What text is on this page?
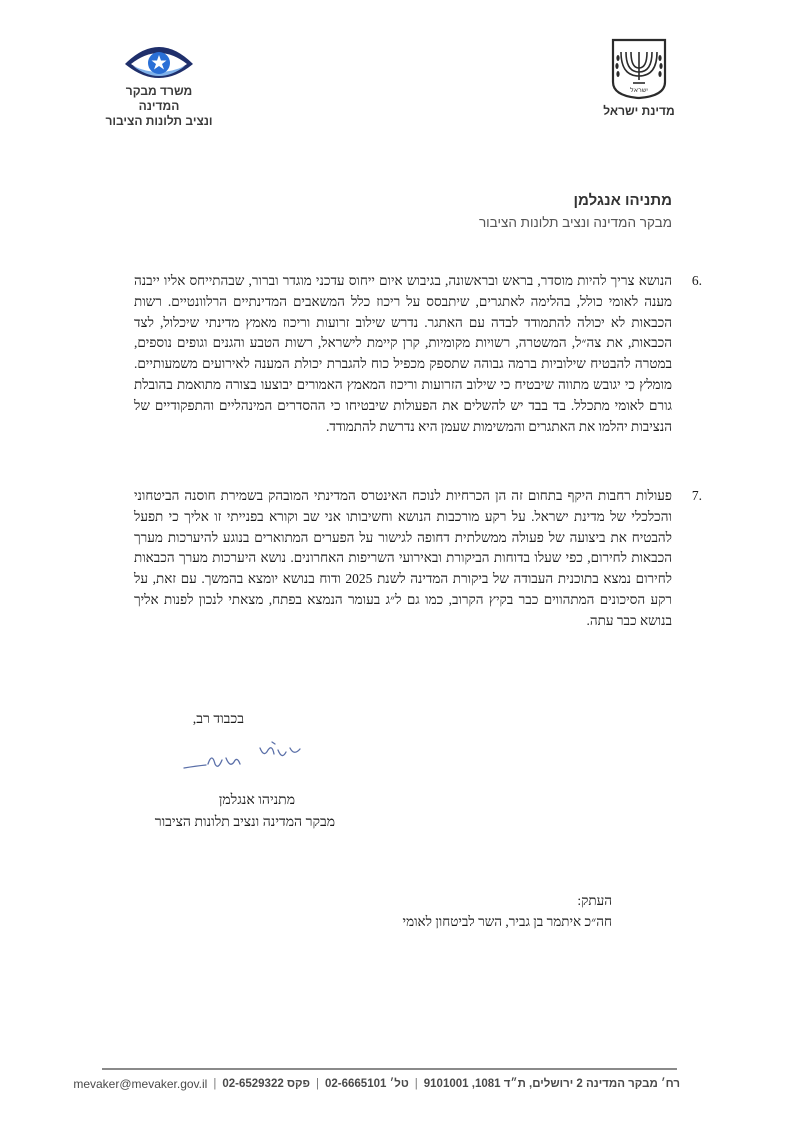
ישראל
מדינת ישראל
משרד מבקר המדינה
ונציב תלונות הציבור
מתניהו אנגלמן
מבקר המדינה ונציב תלונות הציבור
.6
הנושא צריך להיות מוסדר, בראש ובראשונה, בגיבוש איום ייחוס עדכני מוגדר וברור, שבהתייחס אליו ייבנה מענה לאומי כולל, בהלימה לאתגרים, שיתבסס על ריכוז כלל המשאבים המדינתיים הרלוונטיים. רשות הכבאות לא יכולה להתמודד לבדה עם האתגר. נדרש שילוב זרועות וריכוז מאמץ מדינתי שיכלול, לצד הכבאות, את צה״ל, המשטרה, רשויות מקומיות, קרן קיימת לישראל, רשות הטבע והגנים וגופים נוספים, במטרה להבטיח שילוביות ברמה גבוהה שתספק מכפיל כוח להגברת יכולת המענה לאירועים משמעותיים. מומלץ כי יגובש מתווה שיבטיח כי שילוב הזרועות וריכוז המאמץ האמורים יבוצעו בצורה מתואמת בהובלת גורם לאומי מתכלל. בד בבד יש להשלים את הפעולות שיבטיחו כי ההסדרים המינהליים והתפקודיים של הנציבות יהלמו את האתגרים והמשימות שעמן היא נדרשת להתמודד.
.7
פעולות רחבות היקף בתחום זה הן הכרחיות לנוכח האינטרס המדינתי המובהק בשמירת חוסנה הביטחוני והכלכלי של מדינת ישראל. על רקע מורכבות הנושא וחשיבותו אני שב וקורא בפנייתי זו אליך כי תפעל להבטיח את ביצועה של פעולה ממשלתית דחופה לגישור על הפערים המתוארים בנוגע להיערכות מערך הכבאות לחירום, כפי שעלו בדוחות הביקורת ובאירועי השריפות האחרונים. נושא היערכות מערך הכבאות לחירום נמצא בתוכנית העבודה של ביקורת המדינה לשנת 2025 ודוח בנושא יומצא בהמשך. עם זאת, על רקע הסיכונים המתהווים כבר בקיץ הקרוב, כמו גם ל״ג בעומר הנמצא בפתח, מצאתי לנכון לפנות אליך בנושא כבר עתה.
בכבוד רב,
מתניהו אנגלמן
מבקר המדינה ונציב תלונות הציבור
העתק:
חה״כ איתמר בן גביר, השר לביטחון לאומי
רח׳ מבקר המדינה 2 ירושלים, ת״ד 1081, 9101001
|
טל׳ 02-6665101
|
פקס 02-6529322
|
mevaker@mevaker.gov.il
